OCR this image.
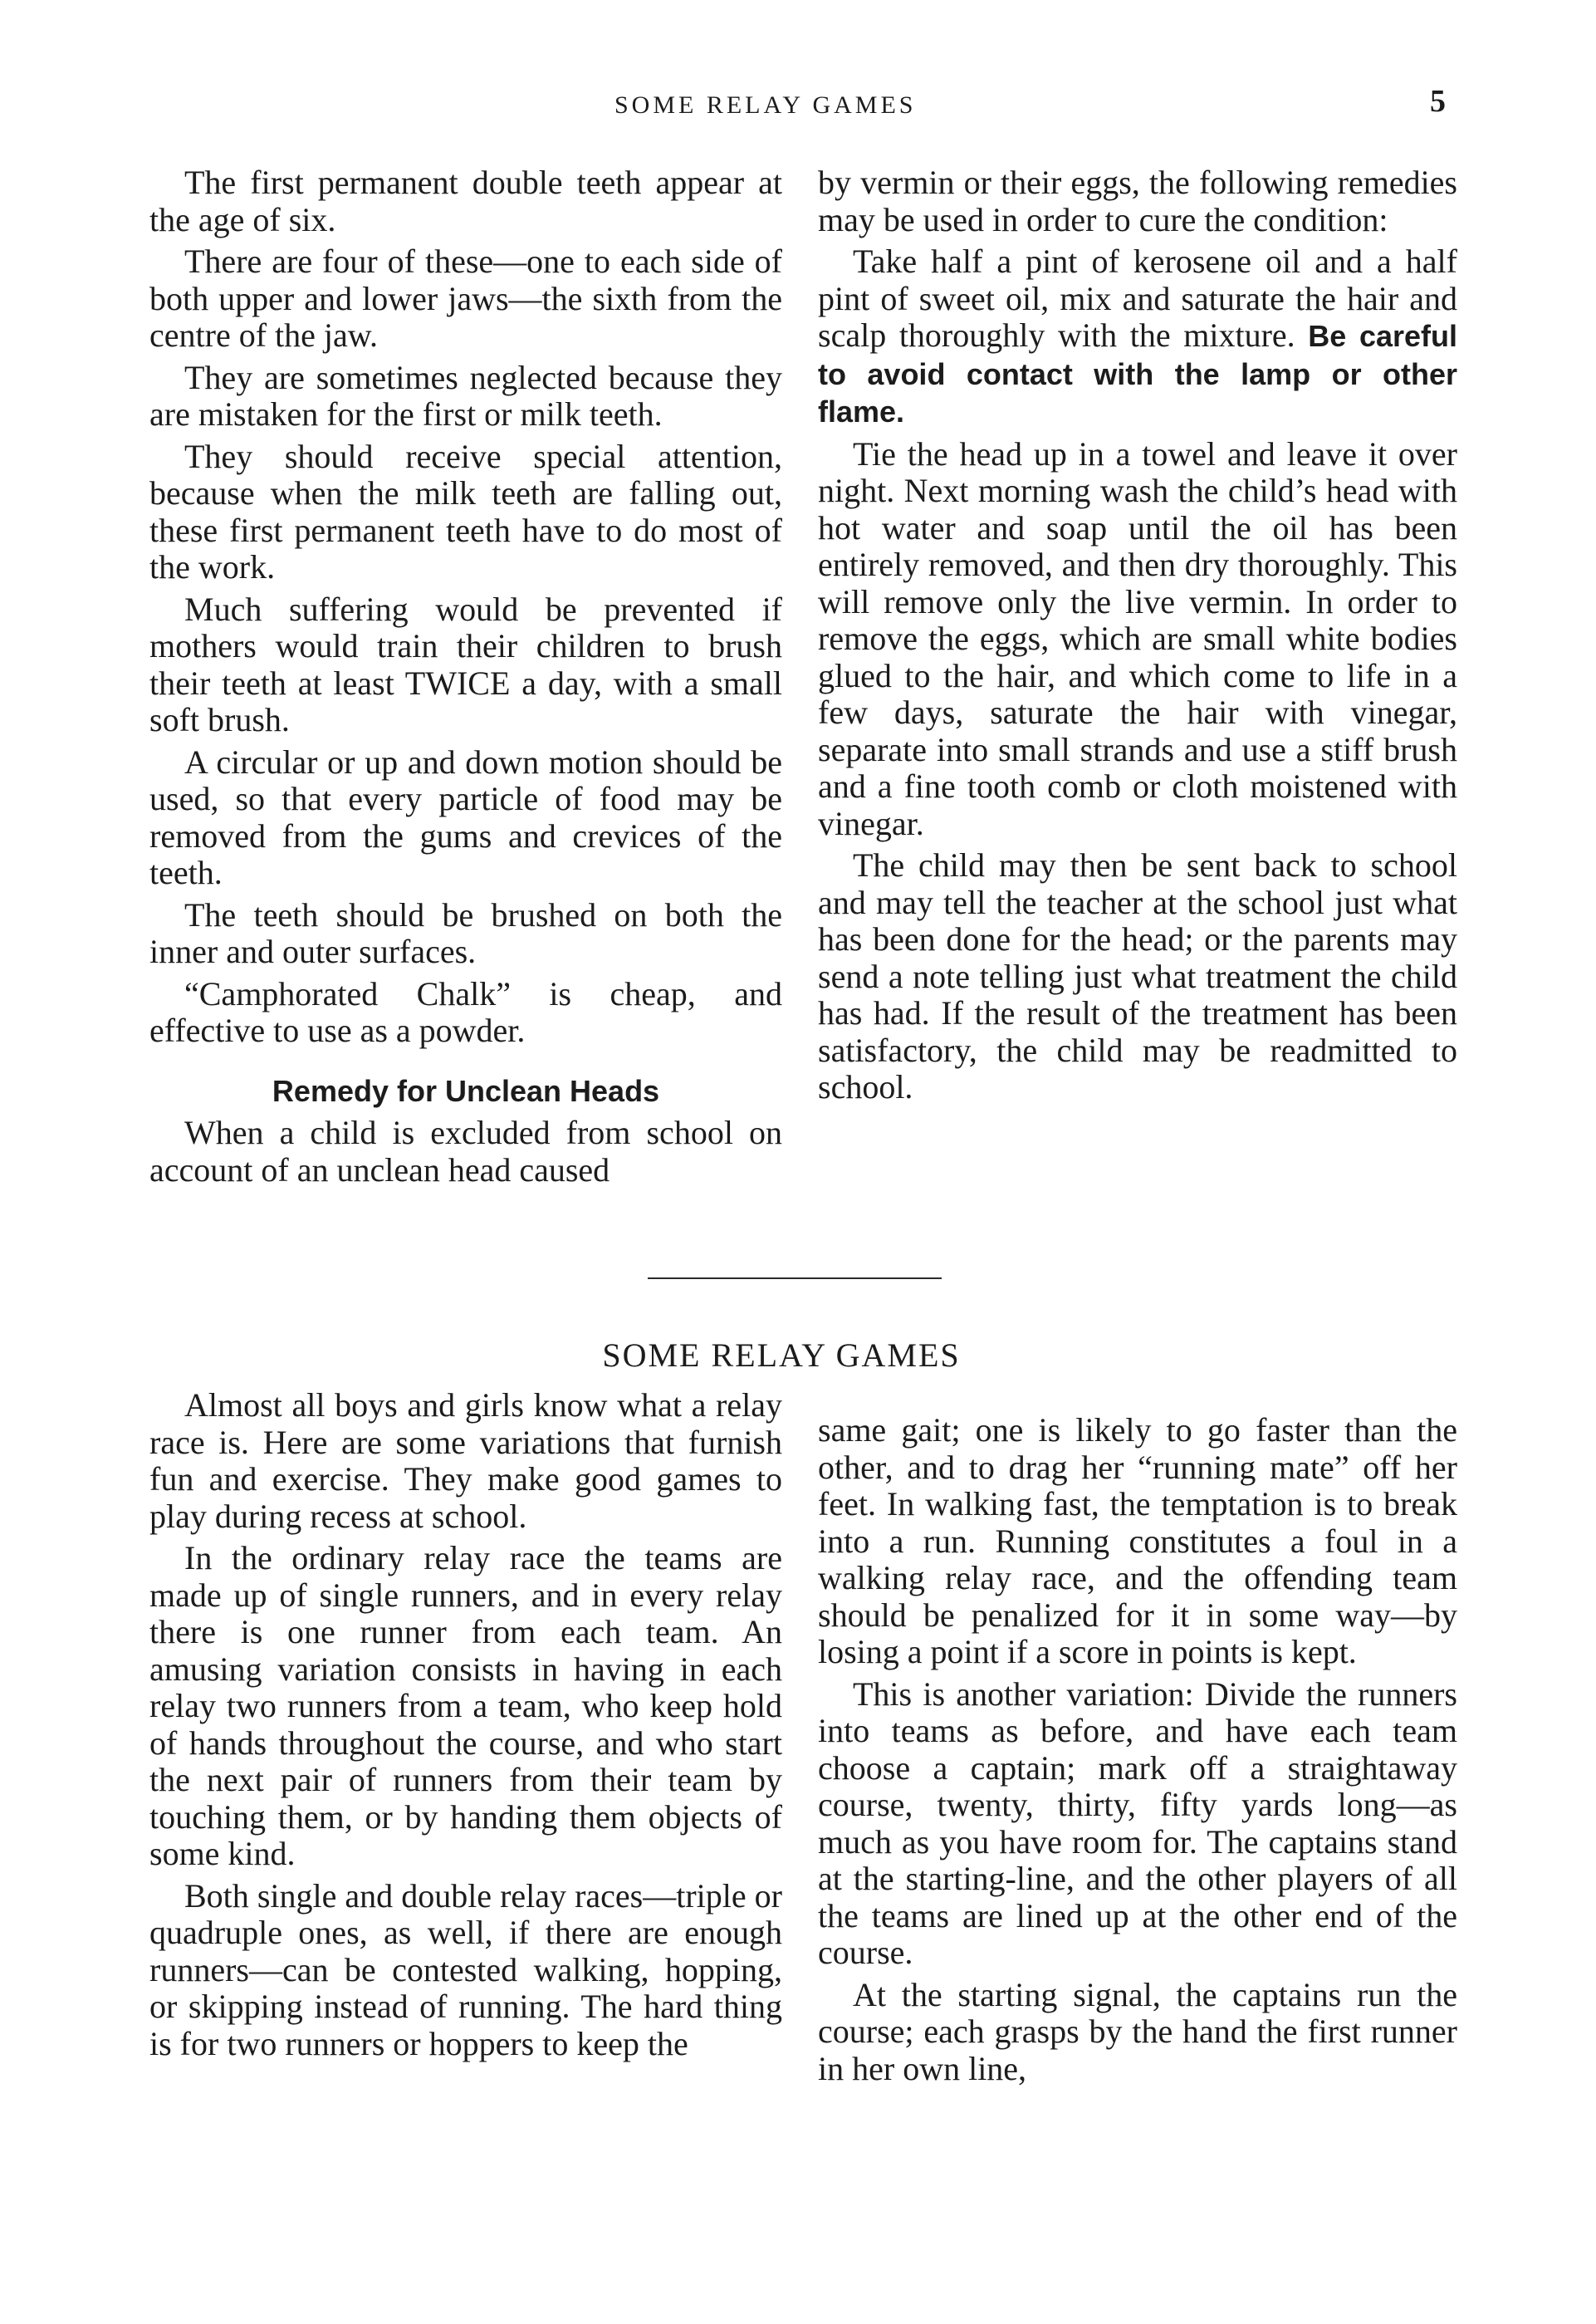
SOME RELAY GAMES	5

The first permanent double teeth appear at the age of six.

There are four of these—one to each side of both upper and lower jaws—the sixth from the centre of the jaw.

They are sometimes neglected because they are mistaken for the first or milk teeth.

They should receive special attention, because when the milk teeth are falling out, these first permanent teeth have to do most of the work.

Much suffering would be prevented if mothers would train their children to brush their teeth at least TWICE a day, with a small soft brush.

A circular or up and down motion should be used, so that every particle of food may be removed from the gums and crevices of the teeth.

The teeth should be brushed on both the inner and outer surfaces.

“Camphorated Chalk” is cheap, and effective to use as a powder.

Remedy for Unclean Heads

When a child is excluded from school on account of an unclean head caused

by vermin or their eggs, the following remedies may be used in order to cure the condition:

Take half a pint of kerosene oil and a half pint of sweet oil, mix and saturate the hair and scalp thoroughly with the mixture. Be careful to avoid contact with the lamp or other flame.

Tie the head up in a towel and leave it over night. Next morning wash the child’s head with hot water and soap until the oil has been entirely removed, and then dry thoroughly. This will remove only the live vermin. In order to remove the eggs, which are small white bodies glued to the hair, and which come to life in a few days, saturate the hair with vinegar, separate into small strands and use a stiff brush and a fine tooth comb or cloth moistened with vinegar.

The child may then be sent back to school and may tell the teacher at the school just what has been done for the head; or the parents may send a note telling just what treatment the child has had. If the result of the treatment has been satisfactory, the child may be readmitted to school.

SOME RELAY GAMES

Almost all boys and girls know what a relay race is. Here are some variations that furnish fun and exercise. They make good games to play during recess at school.

In the ordinary relay race the teams are made up of single runners, and in every relay there is one runner from each team. An amusing variation consists in having in each relay two runners from a team, who keep hold of hands throughout the course, and who start the next pair of runners from their team by touching them, or by handing them objects of some kind.

Both single and double relay races—triple or quadruple ones, as well, if there are enough runners—can be contested walking, hopping, or skipping instead of running. The hard thing is for two runners or hoppers to keep the

same gait; one is likely to go faster than the other, and to drag her “running mate” off her feet. In walking fast, the temptation is to break into a run. Running constitutes a foul in a walking relay race, and the offending team should be penalized for it in some way—by losing a point if a score in points is kept.

This is another variation: Divide the runners into teams as before, and have each team choose a captain; mark off a straightaway course, twenty, thirty, fifty yards long—as much as you have room for. The captains stand at the starting-line, and the other players of all the teams are lined up at the other end of the course.

At the starting signal, the captains run the course; each grasps by the hand the first runner in her own line,
